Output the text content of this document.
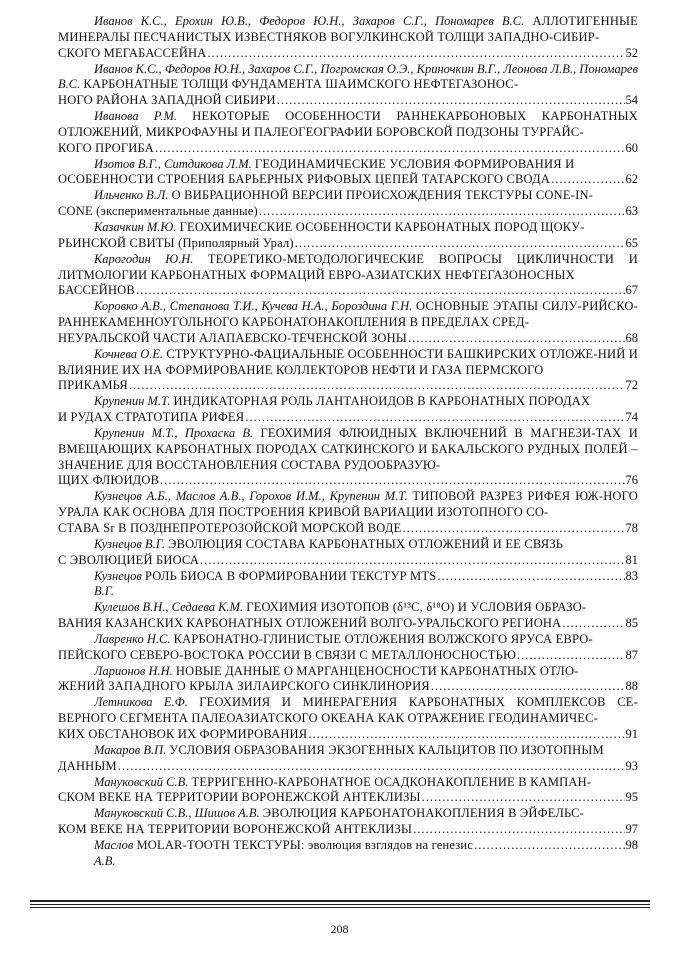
Иванов К.С., Ерохин Ю.В., Федоров Ю.Н., Захаров С.Г., Пономарев В.С. АЛЛОТИГЕННЫЕ МИНЕРАЛЫ ПЕСЧАНИСТЫХ ИЗВЕСТНЯКОВ ВОГУЛКИНСКОЙ ТОЛЩИ ЗАПАДНО-СИБИР-
СКОГО МЕГАБАССЕЙНА .....	52
Иванов К.С., Федоров Ю.Н., Захаров С.Г., Погромская О.Э., Криночкин В.Г., Леонова Л.В., Пономарев В.С. КАРБОНАТНЫЕ ТОЛЩИ ФУНДАМЕНТА ШАИМСКОГО НЕФТЕГАЗОНОС-
НОГО РАЙОНА ЗАПАДНОЙ СИБИРИ .....	54
Иванова Р.М. НЕКОТОРЫЕ ОСОБЕННОСТИ РАННЕКАРБОНОВЫХ КАРБОНАТНЫХ ОТЛОЖЕНИЙ, МИКРОФАУНЫ И ПАЛЕОГЕОГРАФИИ БОРОВСКОЙ ПОДЗОНЫ ТУРГАЙС-
КОГО ПРОГИБА .....	60
Изотов В.Г., Ситдикова Л.М. ГЕОДИНАМИЧЕСКИЕ УСЛОВИЯ ФОРМИРОВАНИЯ И
ОСОБЕННОСТИ СТРОЕНИЯ БАРЬЕРНЫХ РИФОВЫХ ЦЕПЕЙ ТАТАРСКОГО СВОДА .....	62
Ильченко В.Л. О ВИБРАЦИОННОЙ ВЕРСИИ ПРОИСХОЖДЕНИЯ ТЕКСТУРЫ CONE-IN-
CONE (экспериментальные данные) .....	63
Казачкин М.Ю. ГЕОХИМИЧЕСКИЕ ОСОБЕННОСТИ КАРБОНАТНЫХ ПОРОД ЩОКУ-
РЬИНСКОЙ СВИТЫ (Приполярный Урал) .....	65
Карогодин Ю.Н. ТЕОРЕТИКО-МЕТОДОЛОГИЧЕСКИЕ ВОПРОСЫ ЦИКЛИЧНОСТИ И ЛИТМОЛОГИИ КАРБОНАТНЫХ ФОРМАЦИЙ ЕВРО-АЗИАТСКИХ НЕФТЕГАЗОНОСНЫХ
БАССЕЙНОВ .....	67
Коровко А.В., Степанова Т.И., Кучева Н.А., Бороздина Г.Н. ОСНОВНЫЕ ЭТАПЫ СИЛУ-РИЙСКО-РАННЕКАМЕННОУГОЛЬНОГО КАРБОНАТОНАКОПЛЕНИЯ В ПРЕДЕЛАХ СРЕД-
НЕУРАЛЬСКОЙ ЧАСТИ АЛАПАЕВСКО-ТЕЧЕНСКОЙ ЗОНЫ .....	68
Кочнева О.Е. СТРУКТУРНО-ФАЦИАЛЬНЫЕ ОСОБЕННОСТИ БАШКИРСКИХ ОТЛОЖЕ-НИЙ И ВЛИЯНИЕ ИХ НА ФОРМИРОВАНИЕ КОЛЛЕКТОРОВ НЕФТИ И ГАЗА ПЕРМСКОГО
ПРИКАМЬЯ .....	72
Крупенин М.Т. ИНДИКАТОРНАЯ РОЛЬ ЛАНТАНОИДОВ В КАРБОНАТНЫХ ПОРОДАХ
И РУДАХ СТРАТОТИПА РИФЕЯ .....	74
Крупенин М.Т., Прохаска В. ГЕОХИМИЯ ФЛЮИДНЫХ ВКЛЮЧЕНИЙ В МАГНЕЗИ-ТАХ И ВМЕЩАЮЩИХ КАРБОНАТНЫХ ПОРОДАХ САТКИНСКОГО И БАКАЛЬСКОГО РУДНЫХ ПОЛЕЙ – ЗНАЧЕНИЕ ДЛЯ ВОССТАНОВЛЕНИЯ СОСТАВА РУДООБРАЗУЮ-
ЩИХ ФЛЮИДОВ .....	76
Кузнецов А.Б., Маслов А.В., Горохов И.М., Крупенин М.Т. ТИПОВОЙ РАЗРЕЗ РИФЕЯ ЮЖ-НОГО УРАЛА КАК ОСНОВА ДЛЯ ПОСТРОЕНИЯ КРИВОЙ ВАРИАЦИИ ИЗОТОПНОГО СО-
СТАВА Sr В ПОЗДНЕПРОТЕРОЗОЙСКОЙ МОРСКОЙ ВОДЕ .....	78
Кузнецов В.Г. ЭВОЛЮЦИЯ СОСТАВА КАРБОНАТНЫХ ОТЛОЖЕНИЙ И ЕЕ СВЯЗЬ
С ЭВОЛЮЦИЕЙ БИОСА .....	81
Кузнецов В.Г.

РОЛЬ БИОСА В ФОРМИРОВАНИИ ТЕКСТУР MTS .....	83
Кулешов В.Н., Седаева К.М. ГЕОХИМИЯ ИЗОТОПОВ (δ¹³C, δ¹⁸O) И УСЛОВИЯ ОБРАЗО-
ВАНИЯ КАЗАНСКИХ КАРБОНАТНЫХ ОТЛОЖЕНИЙ ВОЛГО-УРАЛЬСКОГО РЕГИОНА .....	85
Лавренко Н.С. КАРБОНАТНО-ГЛИНИСТЫЕ ОТЛОЖЕНИЯ ВОЛЖСКОГО ЯРУСА ЕВРО-
ПЕЙСКОГО СЕВЕРО-ВОСТОКА РОССИИ В СВЯЗИ С МЕТАЛЛОНОСНОСТЬЮ .....	87
Ларионов Н.Н. НОВЫЕ ДАННЫЕ О МАРГАНЦЕНОСНОСТИ КАРБОНАТНЫХ ОТЛО-
ЖЕНИЙ ЗАПАДНОГО КРЫЛА ЗИЛАИРСКОГО СИНКЛИНОРИЯ .....	88
Летникова Е.Ф. ГЕОХИМИЯ И МИНЕРАГЕНИЯ КАРБОНАТНЫХ КОМПЛЕКСОВ СЕ-ВЕРНОГО СЕГМЕНТА ПАЛЕОАЗИАТСКОГО ОКЕАНА КАК ОТРАЖЕНИЕ ГЕОДИНАМИЧЕС-
КИХ ОБСТАНОВОК ИХ ФОРМИРОВАНИЯ .....	91
Макаров В.П. УСЛОВИЯ ОБРАЗОВАНИЯ ЭКЗОГЕННЫХ КАЛЬЦИТОВ ПО ИЗОТОПНЫМ
ДАННЫМ .....	93
Мануковский С.В. ТЕРРИГЕННО-КАРБОНАТНОЕ ОСАДКОНАКОПЛЕНИЕ В КАМПАН-
СКОМ ВЕКЕ НА ТЕРРИТОРИИ ВОРОНЕЖСКОЙ АНТЕКЛИЗЫ .....	95
Мануковский С.В., Шишов А.В. ЭВОЛЮЦИЯ КАРБОНАТОНАКОПЛЕНИЯ В ЭЙФЕЛЬС-
КОМ ВЕКЕ НА ТЕРРИТОРИИ ВОРОНЕЖСКОЙ АНТЕКЛИЗЫ .....	97
Маслов А.В.

MOLAR-TOOTH ТЕКСТУРЫ: эволюция взглядов на генезис .....	98
208
